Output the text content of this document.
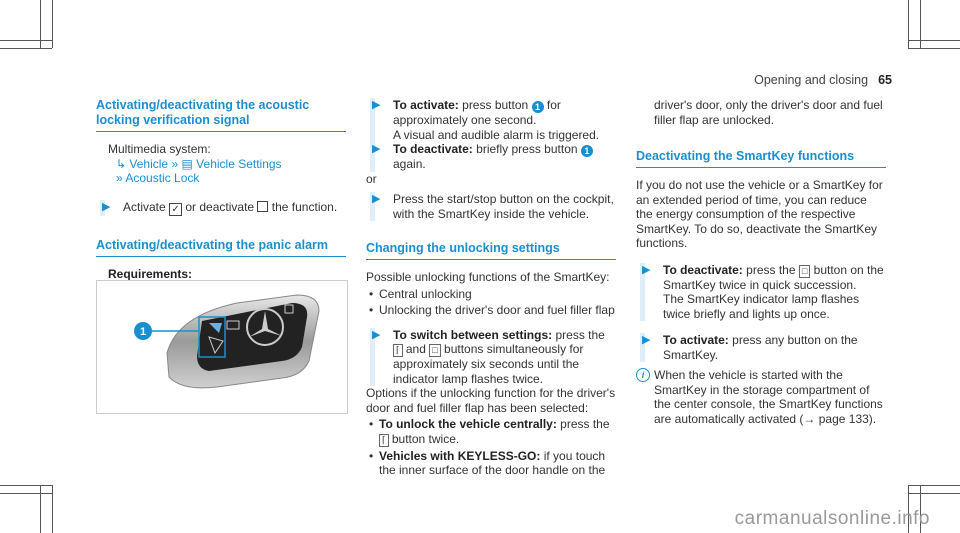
Opening and closing 65
Activating/deactivating the acoustic locking verification signal
Multimedia system:
↳ Vehicle » ▤ Vehicle Settings
» Acoustic Lock
▶ Activate ✓ or deactivate the function.
Activating/deactivating the panic alarm
Requirements:
•
1
▶ To activate: press button 1 for approximately one second.
A visual and audible alarm is triggered.
▶ To deactivate: briefly press button 1 again.
or
▶ Press the start/stop button on the cockpit, with the SmartKey inside the vehicle.
Changing the unlocking settings
Possible unlocking functions of the SmartKey:
• Central unlocking
• Unlocking the driver's door and fuel filler flap
▶ To switch between settings: press the ⌈ and □ buttons simultaneously for approximately six seconds until the indicator lamp flashes twice.
Options if the unlocking function for the driver's door and fuel filler flap has been selected:
• To unlock the vehicle centrally: press the ⌈ button twice.
• Vehicles with KEYLESS-GO: if you touch the inner surface of the door handle on the
driver's door, only the driver's door and fuel filler flap are unlocked.
Deactivating the SmartKey functions
If you do not use the vehicle or a SmartKey for an extended period of time, you can reduce the energy consumption of the respective SmartKey. To do so, deactivate the SmartKey functions.
▶ To deactivate: press the □ button on the SmartKey twice in quick succession.
The SmartKey indicator lamp flashes twice briefly and lights up once.
▶ To activate: press any button on the SmartKey.
i When the vehicle is started with the SmartKey in the storage compartment of the center console, the SmartKey functions are automatically activated (→ page 133).
carmanualsonline.info
